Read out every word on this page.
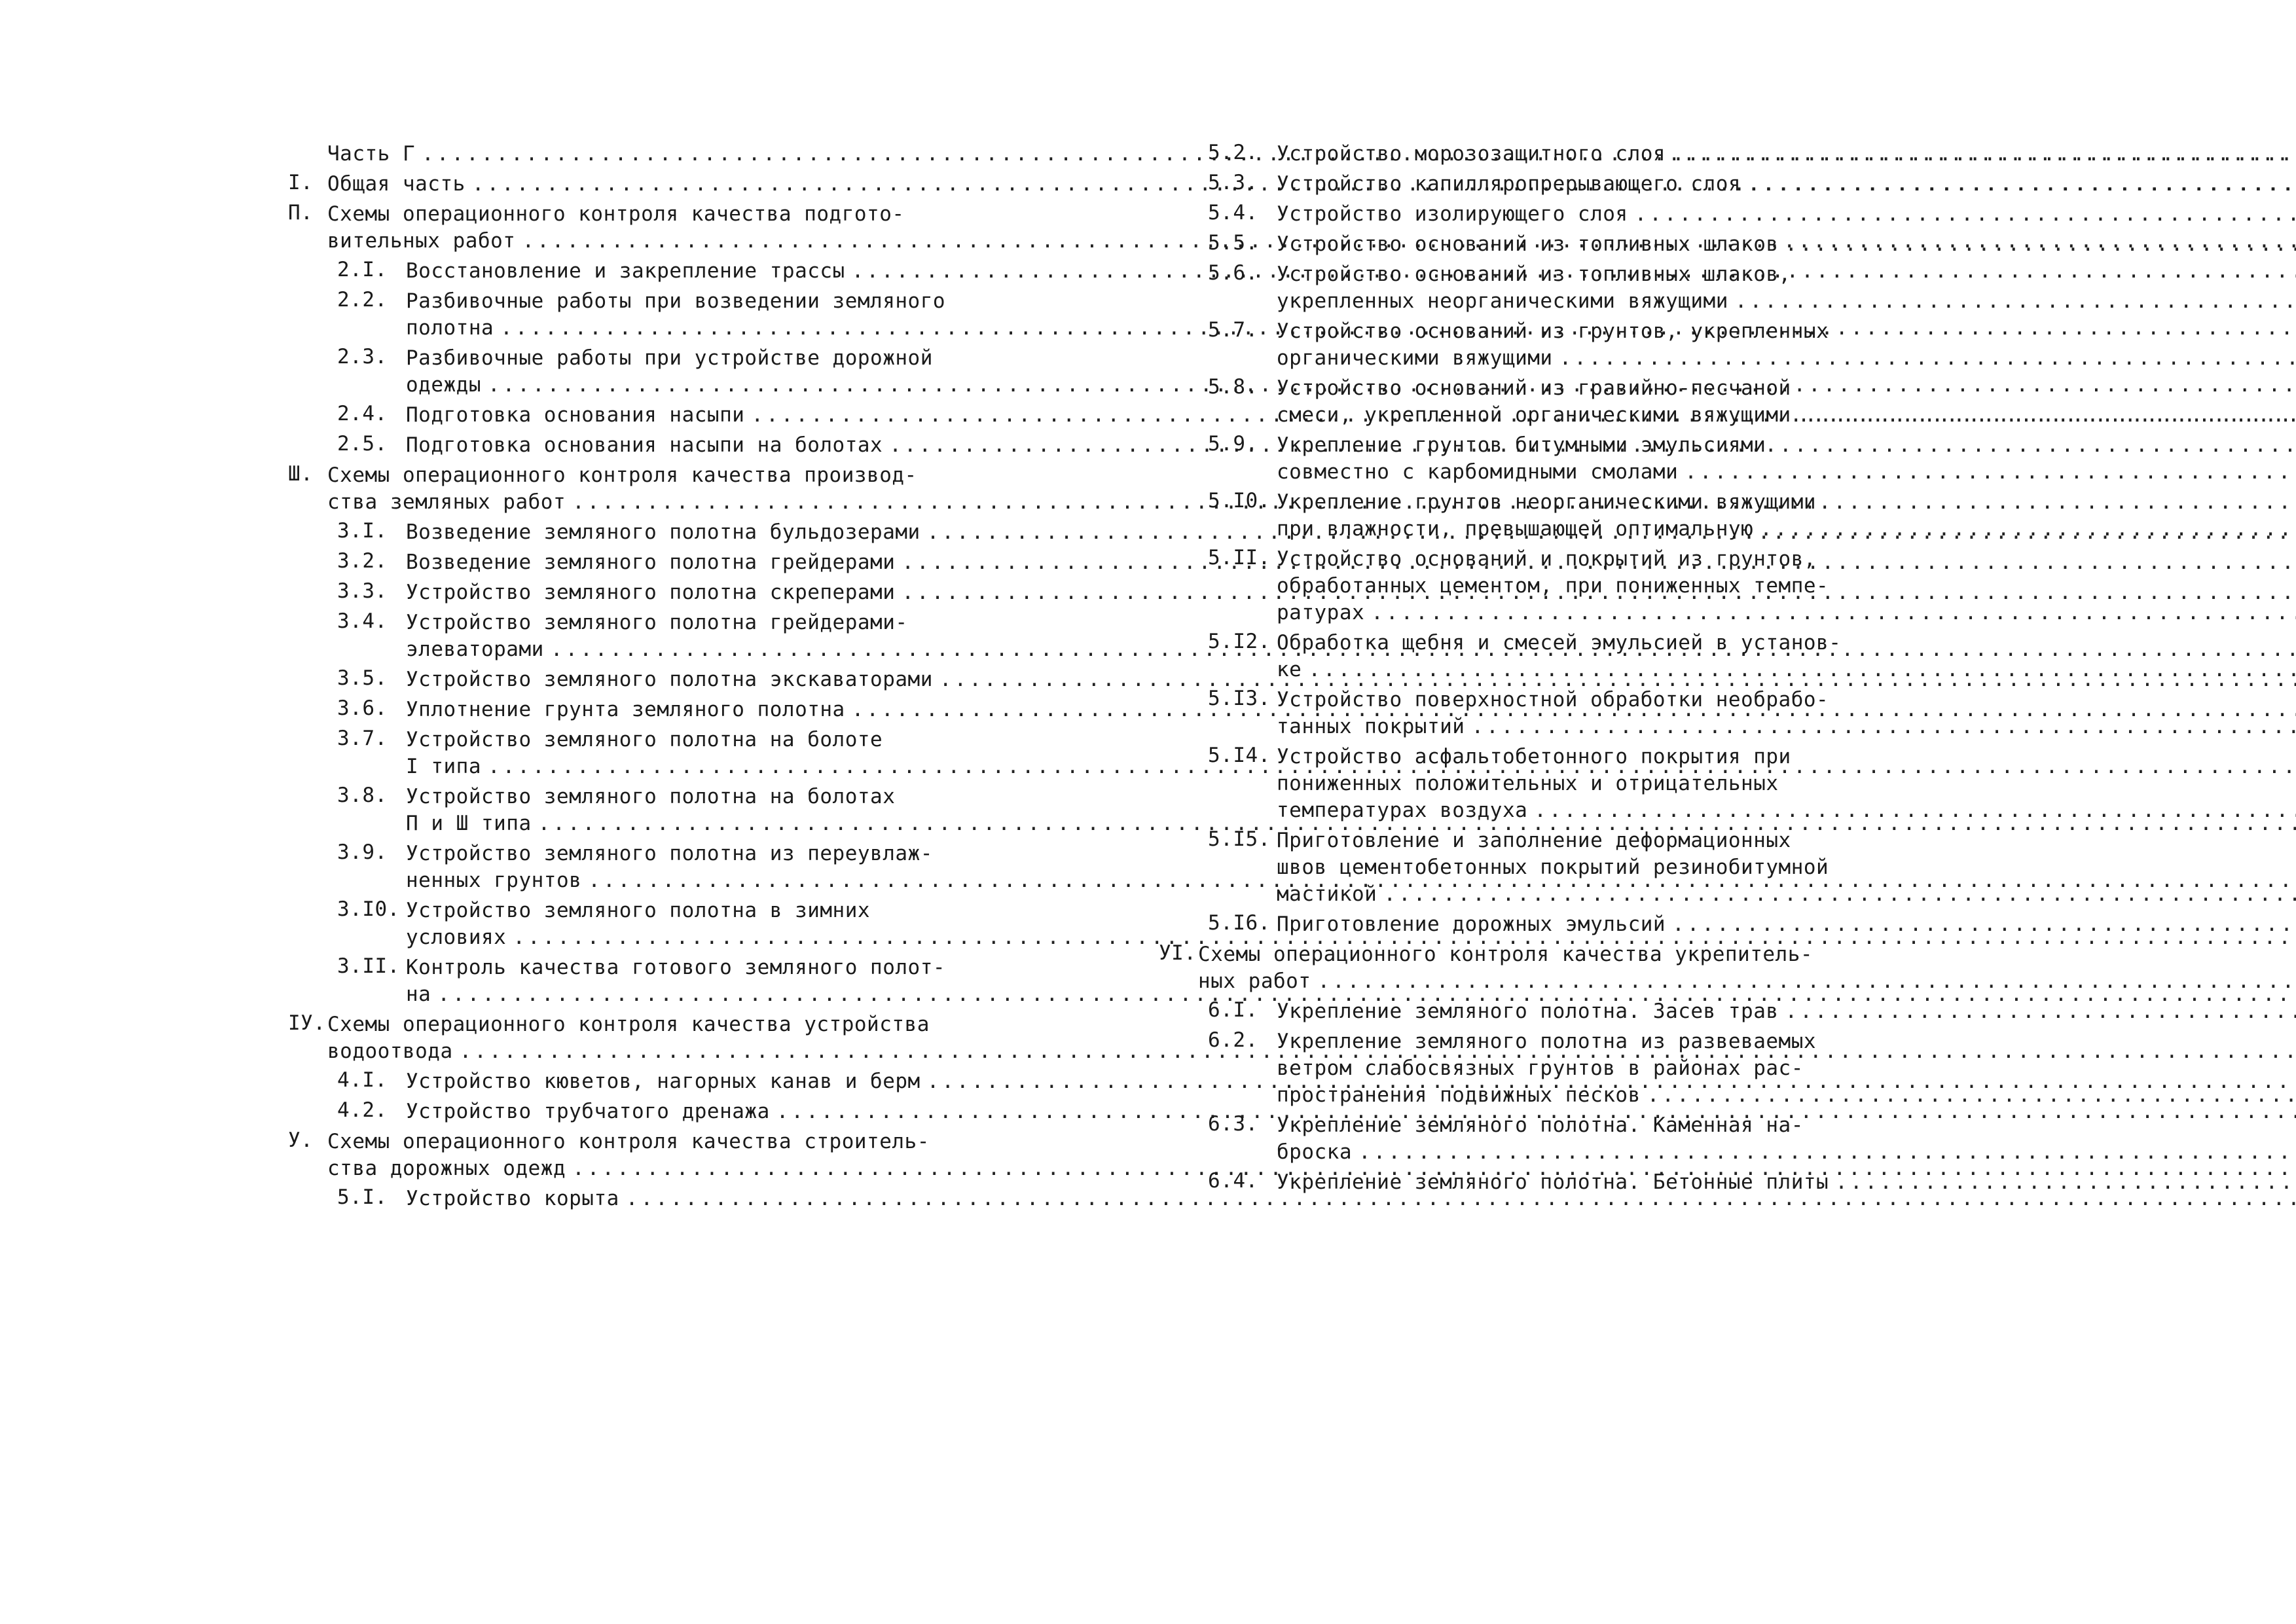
Часть Г
.....
I. Общая часть
.....
П. Схемы операционного контроля качества подгото-
вительных работ
.....
2.I. Восстановление и закрепление трассы
.....
2.2. Разбивочные работы при возведении земляного
полотна
.....
2.3. Разбивочные работы при устройстве дорожной
одежды
.....
2.4. Подготовка основания насыпи
.....
2.5. Подготовка основания насыпи на болотах
.....
Ш. Схемы операционного контроля качества производ-
ства земляных работ
.....
3.I. Возведение земляного полотна бульдозерами
.....
3.2. Возведение земляного полотна грейдерами
.....
3.3. Устройство земляного полотна скреперами
.....
3.4. Устройство земляного полотна грейдерами-
элеваторами
.....
3.5. Устройство земляного полотна экскаваторами
.....
3.6. Уплотнение грунта земляного полотна
.....
3.7. Устройство земляного полотна на болоте
I типа
.....
3.8. Устройство земляного полотна на болотах
П и Ш типа
.....
3.9. Устройство земляного полотна из переувлаж-
ненных грунтов
.....
3.I0. Устройство земляного полотна в зимних
условиях
.....
3.II. Контроль качества готового земляного полот-
на
.....
IУ. Схемы операционного контроля качества устройства
водоотвода
.....
4.I. Устройство кюветов, нагорных канав и берм
.....
4.2. Устройство трубчатого дренажа
.....
У. Схемы операционного контроля качества строитель-
ства дорожных одежд
.....
5.I. Устройство корыта
.....
5.2. Устройство морозозащитного слоя
.....
5.3. Устройство капилляропрерывающего слоя
.....
5.4. Устройство изолирующего слоя
.....
5.5. Устройство оснований из топливных шлаков
.....
5.6. Устройство оснований из топливных шлаков,
укрепленных неорганическими вяжущими
.....
5.7. Устройство оснований из грунтов, укрепленных
органическими вяжущими
.....
5.8. Устройство оснований из гравийно-песчаной
смеси, укрепленной органическими вяжущими
.....
5.9. Укрепление грунтов битумными эмульсиями
совместно с карбомидными смолами
.....
5.I0. Укрепление грунтов неорганическими вяжущими
при влажности, превышающей оптимальную
.....
5.II. Устройство оснований и покрытий из грунтов,
обработанных цементом, при пониженных темпе-
ратурах
.....
5.I2. Обработка щебня и смесей эмульсией в установ-
ке
.....
5.I3. Устройство поверхностной обработки необрабо-
танных покрытий
.....
5.I4. Устройство асфальтобетонного покрытия при
пониженных положительных и отрицательных
температурах воздуха
.....
5.I5. Приготовление и заполнение деформационных
швов цементобетонных покрытий резинобитумной
мастикой
.....
5.I6. Приготовление дорожных эмульсий
.....
УI. Схемы операционного контроля качества укрепитель-
ных работ
.....
6.I. Укрепление земляного полотна. Засев трав
.....
6.2. Укрепление земляного полотна из развеваемых
ветром слабосвязных грунтов в районах рас-
пространения подвижных песков
.....
6.3. Укрепление земляного полотна. Каменная на-
броска
.....
6.4. Укрепление земляного полотна. Бетонные плиты
.....
